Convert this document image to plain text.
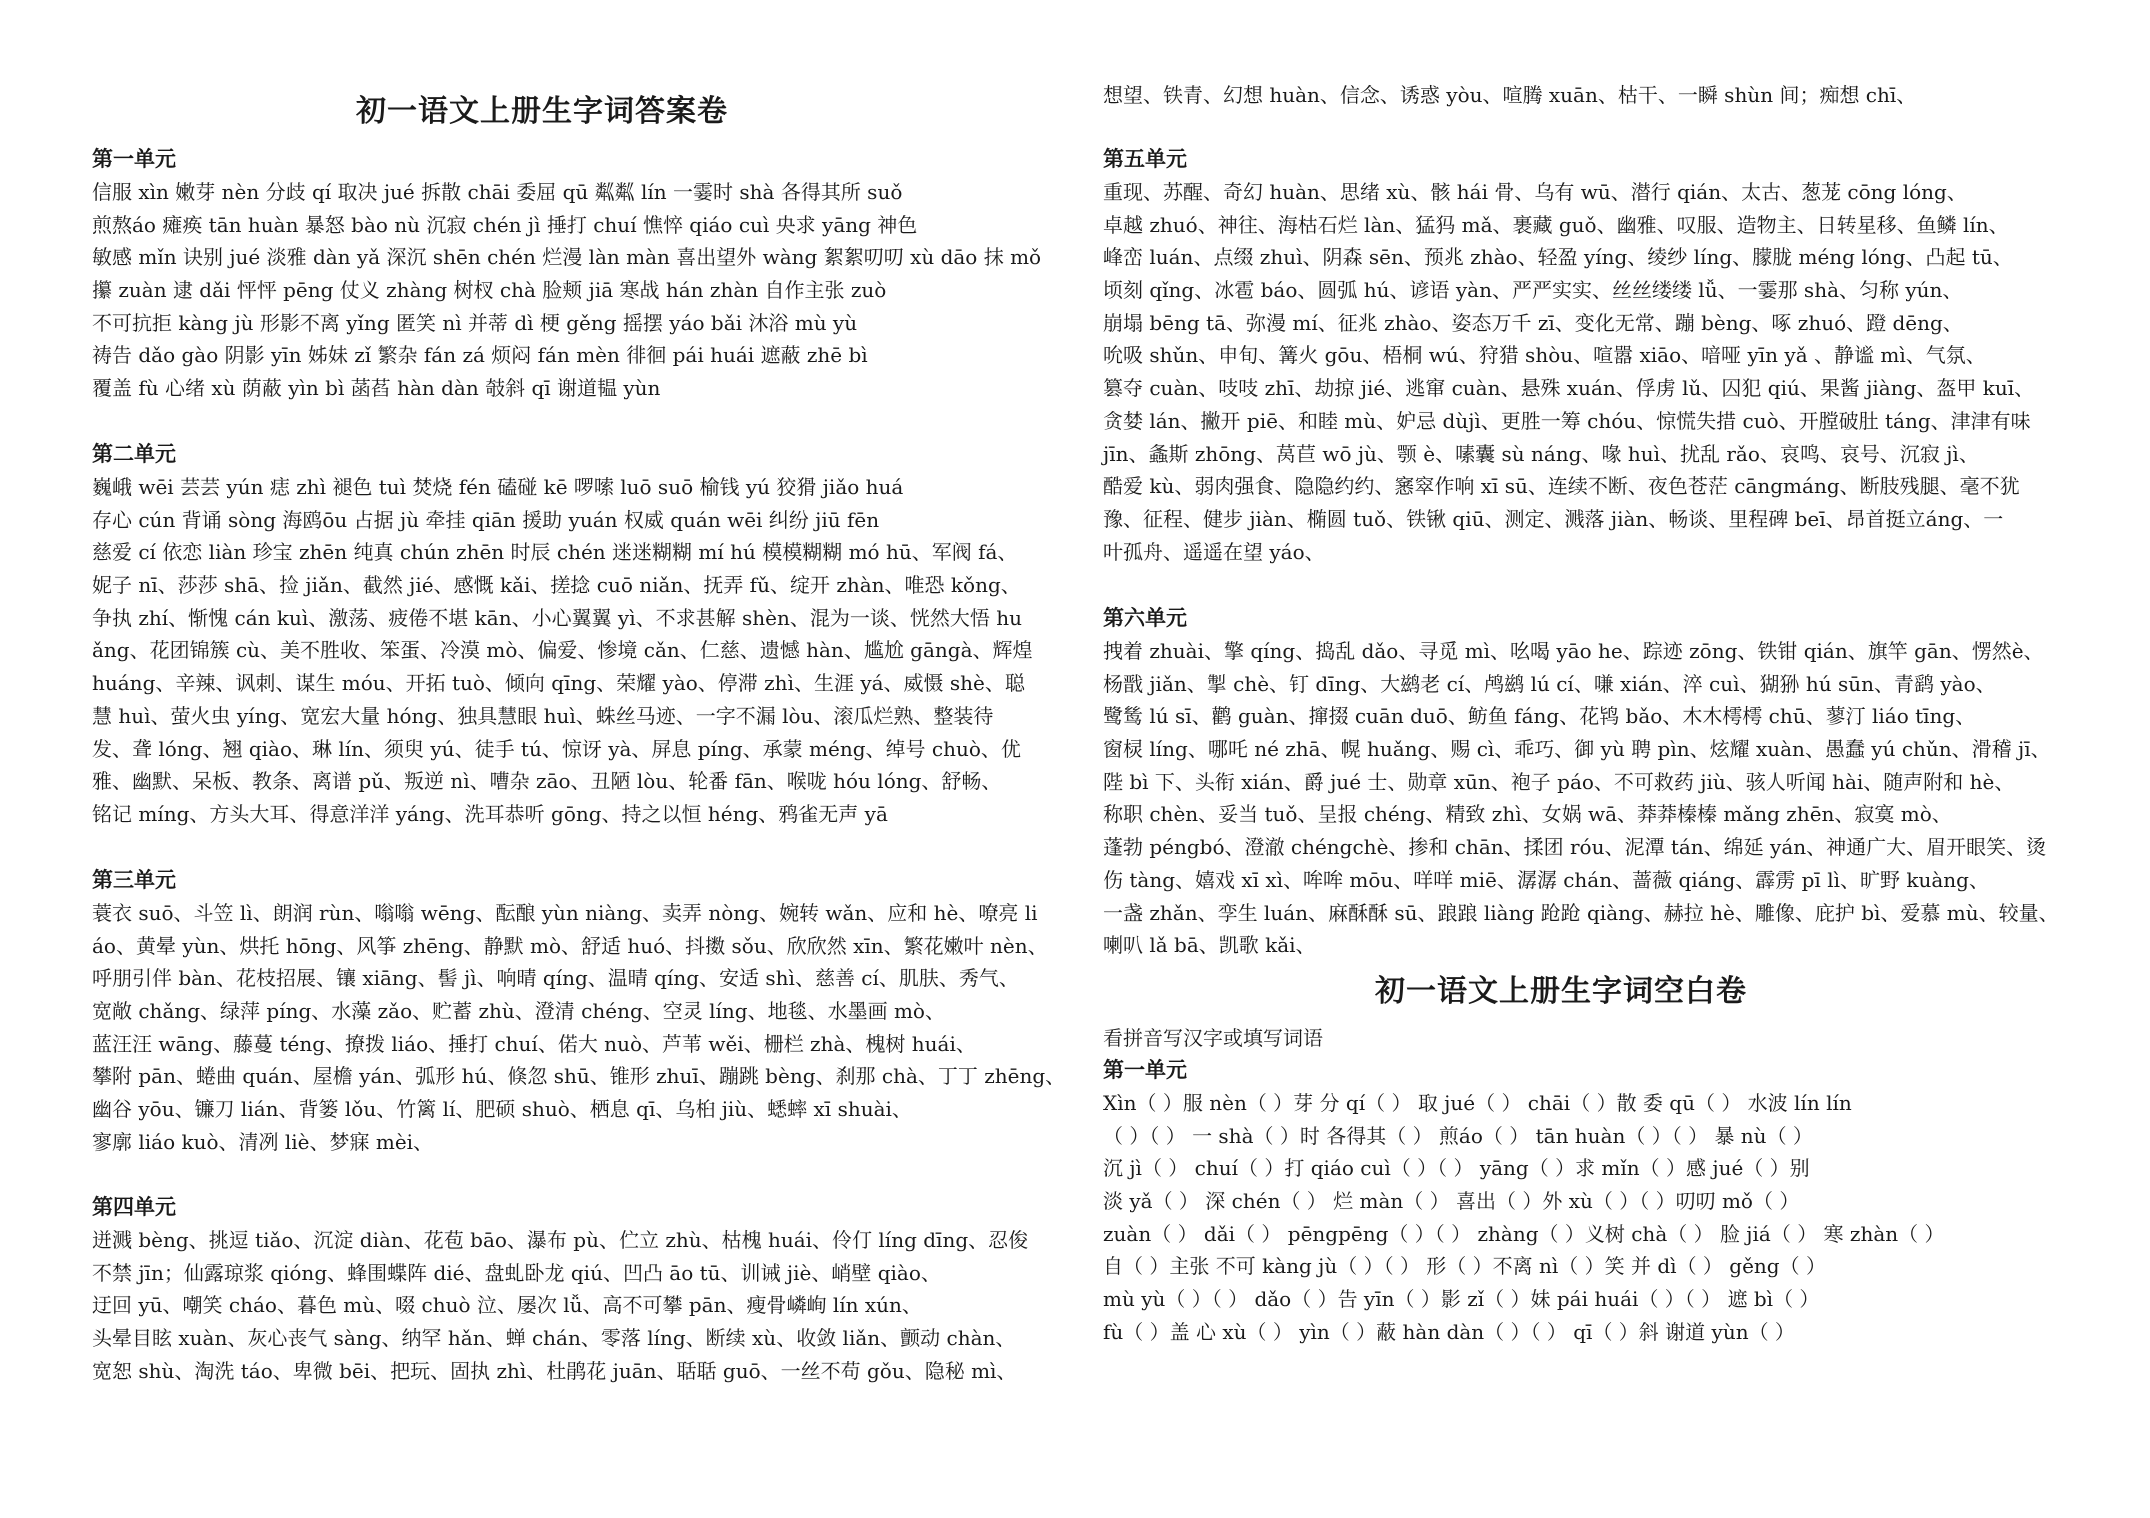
初一语文上册生字词答案卷
第一单元
信服 xìn 嫩芽 nèn 分歧 qí 取决 jué 拆散 chāi 委屈 qū 粼粼 lín 一霎时 shà 各得其所 suǒ
煎熬áo 瘫痪 tān huàn 暴怒 bào nù 沉寂 chén jì 捶打 chuí 憔悴 qiáo cuì 央求 yāng 神色
敏感 mǐn 诀别 jué 淡雅 dàn yǎ 深沉 shēn chén 烂漫 làn màn 喜出望外 wàng 絮絮叨叨 xù dāo 抹 mǒ
攥 zuàn 逮 dǎi 怦怦 pēng 仗义 zhàng 树杈 chà 脸颊 jiā 寒战 hán zhàn 自作主张 zuò
不可抗拒 kàng jù 形影不离 yǐng 匿笑 nì 并蒂 dì 梗 gěng 摇摆 yáo bǎi 沐浴 mù yù
祷告 dǎo gào 阴影 yīn 姊妹 zǐ 繁杂 fán zá 烦闷 fán mèn 徘徊 pái huái 遮蔽 zhē bì
覆盖 fù 心绪 xù 荫蔽 yìn bì 菡萏 hàn dàn 攲斜 qī 谢道韫 yùn
第二单元
巍峨 wēi 芸芸 yún 痣 zhì 褪色 tuì 焚烧 fén 磕碰 kē 啰嗦 luō suō 榆钱 yú 狡猾 jiǎo huá
存心 cún 背诵 sòng 海鸥ōu 占据 jù 牵挂 qiān 援助 yuán 权威 quán wēi 纠纷 jiū fēn
慈爱 cí 依恋 liàn 珍宝 zhēn 纯真 chún zhēn 时辰 chén 迷迷糊糊 mí hú 模模糊糊 mó hū、军阀 fá、
妮子 nī、莎莎 shā、捡 jiǎn、截然 jié、感慨 kǎi、搓捻 cuō niǎn、抚弄 fǔ、绽开 zhàn、唯恐 kǒng、
争执 zhí、惭愧 cán kuì、激荡、疲倦不堪 kān、小心翼翼 yì、不求甚解 shèn、混为一谈、恍然大悟 hu
ǎng、花团锦簇 cù、美不胜收、笨蛋、冷漠 mò、偏爱、惨境 cǎn、仁慈、遗憾 hàn、尴尬 gāngà、辉煌
huáng、辛辣、讽刺、谋生 móu、开拓 tuò、倾向 qīng、荣耀 yào、停滞 zhì、生涯 yá、威慑 shè、聪
慧 huì、萤火虫 yíng、宽宏大量 hóng、独具慧眼 huì、蛛丝马迹、一字不漏 lòu、滚瓜烂熟、整装待
发、聋 lóng、翘 qiào、琳 lín、须臾 yú、徒手 tú、惊讶 yà、屏息 píng、承蒙 méng、绰号 chuò、优
雅、幽默、呆板、教条、离谱 pǔ、叛逆 nì、嘈杂 zāo、丑陋 lòu、轮番 fān、喉咙 hóu lóng、舒畅、
铭记 míng、方头大耳、得意洋洋 yáng、洗耳恭听 gōng、持之以恒 héng、鸦雀无声 yā
第三单元
蓑衣 suō、斗笠 lì、朗润 rùn、嗡嗡 wēng、酝酿 yùn niàng、卖弄 nòng、婉转 wǎn、应和 hè、嘹亮 li
áo、黄晕 yùn、烘托 hōng、风筝 zhēng、静默 mò、舒适 huó、抖擞 sǒu、欣欣然 xīn、繁花嫩叶 nèn、
呼朋引伴 bàn、花枝招展、镶 xiāng、髻 jì、响晴 qíng、温晴 qíng、安适 shì、慈善 cí、肌肤、秀气、
宽敞 chǎng、绿萍 píng、水藻 zǎo、贮蓄 zhù、澄清 chéng、空灵 líng、地毯、水墨画 mò、
蓝汪汪 wāng、藤蔓 téng、撩拨 liáo、捶打 chuí、偌大 nuò、芦苇 wěi、栅栏 zhà、槐树 huái、
攀附 pān、蜷曲 quán、屋檐 yán、弧形 hú、倏忽 shū、锥形 zhuī、蹦跳 bèng、刹那 chà、丁丁 zhēng、
幽谷 yōu、镰刀 lián、背篓 lǒu、竹篱 lí、肥硕 shuò、栖息 qī、乌桕 jiù、蟋蟀 xī shuài、
寥廓 liáo kuò、清冽 liè、梦寐 mèi、
第四单元
迸溅 bèng、挑逗 tiǎo、沉淀 diàn、花苞 bāo、瀑布 pù、伫立 zhù、枯槐 huái、伶仃 líng dīng、忍俊
不禁 jīn；仙露琼浆 qióng、蜂围蝶阵 dié、盘虬卧龙 qiú、凹凸 āo tū、训诫 jiè、峭壁 qiào、
迂回 yū、嘲笑 cháo、暮色 mù、啜 chuò 泣、屡次 lǚ、高不可攀 pān、瘦骨嶙峋 lín xún、
头晕目眩 xuàn、灰心丧气 sàng、纳罕 hǎn、蝉 chán、零落 líng、断续 xù、收敛 liǎn、颤动 chàn、
宽恕 shù、淘洗 táo、卑微 bēi、把玩、固执 zhì、杜鹃花 juān、聒聒 guō、一丝不苟 gǒu、隐秘 mì、
想望、铁青、幻想 huàn、信念、诱惑 yòu、喧腾 xuān、枯干、一瞬 shùn 间；痴想 chī、
第五单元
重现、苏醒、奇幻 huàn、思绪 xù、骸 hái 骨、乌有 wū、潜行 qián、太古、葱茏 cōng lóng、
卓越 zhuó、神往、海枯石烂 làn、猛犸 mǎ、裹藏 guǒ、幽雅、叹服、造物主、日转星移、鱼鳞 lín、
峰峦 luán、点缀 zhuì、阴森 sēn、预兆 zhào、轻盈 yíng、绫纱 líng、朦胧 méng lóng、凸起 tū、
顷刻 qǐng、冰雹 báo、圆弧 hú、谚语 yàn、严严实实、丝丝缕缕 lǚ、一霎那 shà、匀称 yún、
崩塌 bēng tā、弥漫 mí、征兆 zhào、姿态万千 zī、变化无常、蹦 bèng、啄 zhuó、蹬 dēng、
吮吸 shǔn、申旬、篝火 gōu、梧桐 wú、狩猎 shòu、喧嚣 xiāo、喑哑 yīn yǎ 、静谧 mì、气氛、
篡夺 cuàn、吱吱 zhī、劫掠 jié、逃窜 cuàn、悬殊 xuán、俘虏 lǔ、囚犯 qiú、果酱 jiàng、盔甲 kuī、
贪婪 lán、撇开 piē、和睦 mù、妒忌 dùjì、更胜一筹 chóu、惊慌失措 cuò、开膛破肚 táng、津津有味
jīn、螽斯 zhōng、莴苣 wō jù、颚 è、嗉囊 sù náng、喙 huì、扰乱 rǎo、哀鸣、哀号、沉寂 jì、
酷爱 kù、弱肉强食、隐隐约约、窸窣作响 xī sū、连续不断、夜色苍茫 cāngmáng、断肢残腿、毫不犹
豫、征程、健步 jiàn、椭圆 tuǒ、铁锹 qiū、测定、溅落 jiàn、畅谈、里程碑 beī、昂首挺立áng、一
叶孤舟、遥遥在望 yáo、
第六单元
拽着 zhuài、擎 qíng、捣乱 dǎo、寻觅 mì、吆喝 yāo he、踪迹 zōng、铁钳 qián、旗竿 gān、愣然è、
杨戬 jiǎn、掣 chè、钉 dīng、大鹚老 cí、鸬鹚 lú cí、嗛 xián、淬 cuì、猢狲 hú sūn、青鹞 yào、
鹭鸶 lú sī、鹳 guàn、撺掇 cuān duō、鲂鱼 fáng、花鸨 bǎo、木木樗樗 chū、蓼汀 liáo tīng、
窗棂 líng、哪吒 né zhā、幌 huǎng、赐 cì、乖巧、御 yù 聘 pìn、炫耀 xuàn、愚蠢 yú chǔn、滑稽 jī、
陛 bì 下、头衔 xián、爵 jué 士、勋章 xūn、袍子 páo、不可救药 jiù、骇人听闻 hài、随声附和 hè、
称职 chèn、妥当 tuǒ、呈报 chéng、精致 zhì、女娲 wā、莽莽榛榛 mǎng zhēn、寂寞 mò、
蓬勃 péngbó、澄澈 chéngchè、掺和 chān、揉团 róu、泥潭 tán、绵延 yán、神通广大、眉开眼笑、烫
伤 tàng、嬉戏 xī xì、哞哞 mōu、咩咩 miē、潺潺 chán、蔷薇 qiáng、霹雳 pī lì、旷野 kuàng、
一盏 zhǎn、孪生 luán、麻酥酥 sū、踉踉 liàng 跄跄 qiàng、赫拉 hè、雕像、庇护 bì、爱慕 mù、较量、
喇叭 lǎ bā、凯歌 kǎi、
初一语文上册生字词空白卷
看拼音写汉字或填写词语
第一单元
Xìn（ ）服 nèn（ ）芽 分 qí（ ） 取 jué（ ） chāi（ ）散 委 qū（ ） 水波 lín lín
（ ）（ ） 一 shà（ ）时 各得其（ ） 煎áo（ ） tān huàn（ ）（ ） 暴 nù（ ）
沉 jì（ ） chuí（ ）打 qiáo cuì（ ）（ ） yāng（ ）求 mǐn（ ）感 jué（ ）别
淡 yǎ（ ） 深 chén（ ） 烂 màn（ ） 喜出（ ）外 xù（ ）（ ）叨叨 mǒ（ ）
zuàn（ ） dǎi（ ） pēngpēng（ ）（ ） zhàng（ ）义树 chà（ ） 脸 jiá（ ） 寒 zhàn（ ）
自（ ）主张 不可 kàng jù（ ）（ ） 形（ ）不离 nì（ ）笑 并 dì（ ） gěng（ ）
mù yù（ ）（ ） dǎo（ ）告 yīn（ ）影 zǐ（ ）妹 pái huái（ ）（ ） 遮 bì（ ）
fù（ ）盖 心 xù（ ） yìn（ ）蔽 hàn dàn（ ）（ ） qī（ ）斜 谢道 yùn（ ）
